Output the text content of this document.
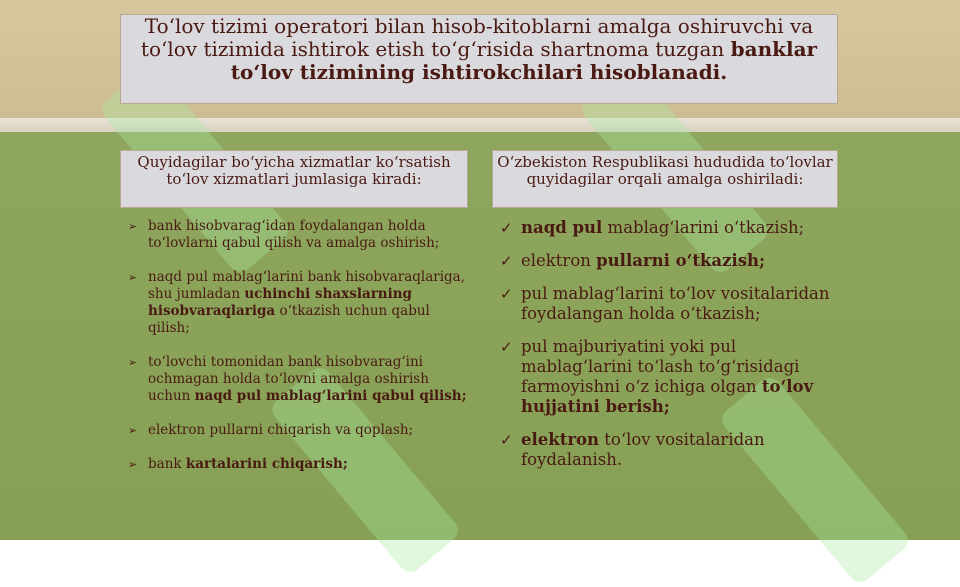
To‘lov tizimi operatori bilan hisob-kitoblarni amalga oshiruvchi va to‘lov tizimida ishtirok etish to‘g‘risida shartnoma tuzgan banklar to‘lov tizimining ishtirokchilari hisoblanadi.

Quyidagilar bo‘yicha xizmatlar ko‘rsatish to‘lov xizmatlari jumlasiga kiradi:
O‘zbekiston Respublikasi hududida to‘lovlar quyidagilar orqali amalga oshiriladi:
➢ bank hisobvarag‘idan foydalangan holda to‘lovlarni qabul qilish va amalga oshirish;
➢ naqd pul mablag‘larini bank hisobvaraqlariga, shu jumladan uchinchi shaxslarning hisobvaraqlariga o‘tkazish uchun qabul qilish;
➢ to‘lovchi tomonidan bank hisobvarag‘ini ochmagan holda to‘lovni amalga oshirish uchun naqd pul mablag‘larini qabul qilish;
➢ elektron pullarni chiqarish va qoplash;
➢ bank kartalarini chiqarish;
✓ naqd pul mablag‘larini o‘tkazish;
✓ elektron pullarni o‘tkazish;
✓ pul mablag‘larini to‘lov vositalaridan foydalangan holda o‘tkazish;
✓ pul majburiyatini yoki pul mablag‘larini to‘lash to‘g‘risidagi farmoyishni o‘z ichiga olgan to‘lov hujjatini berish;
✓ elektron to‘lov vositalaridan foydalanish.
